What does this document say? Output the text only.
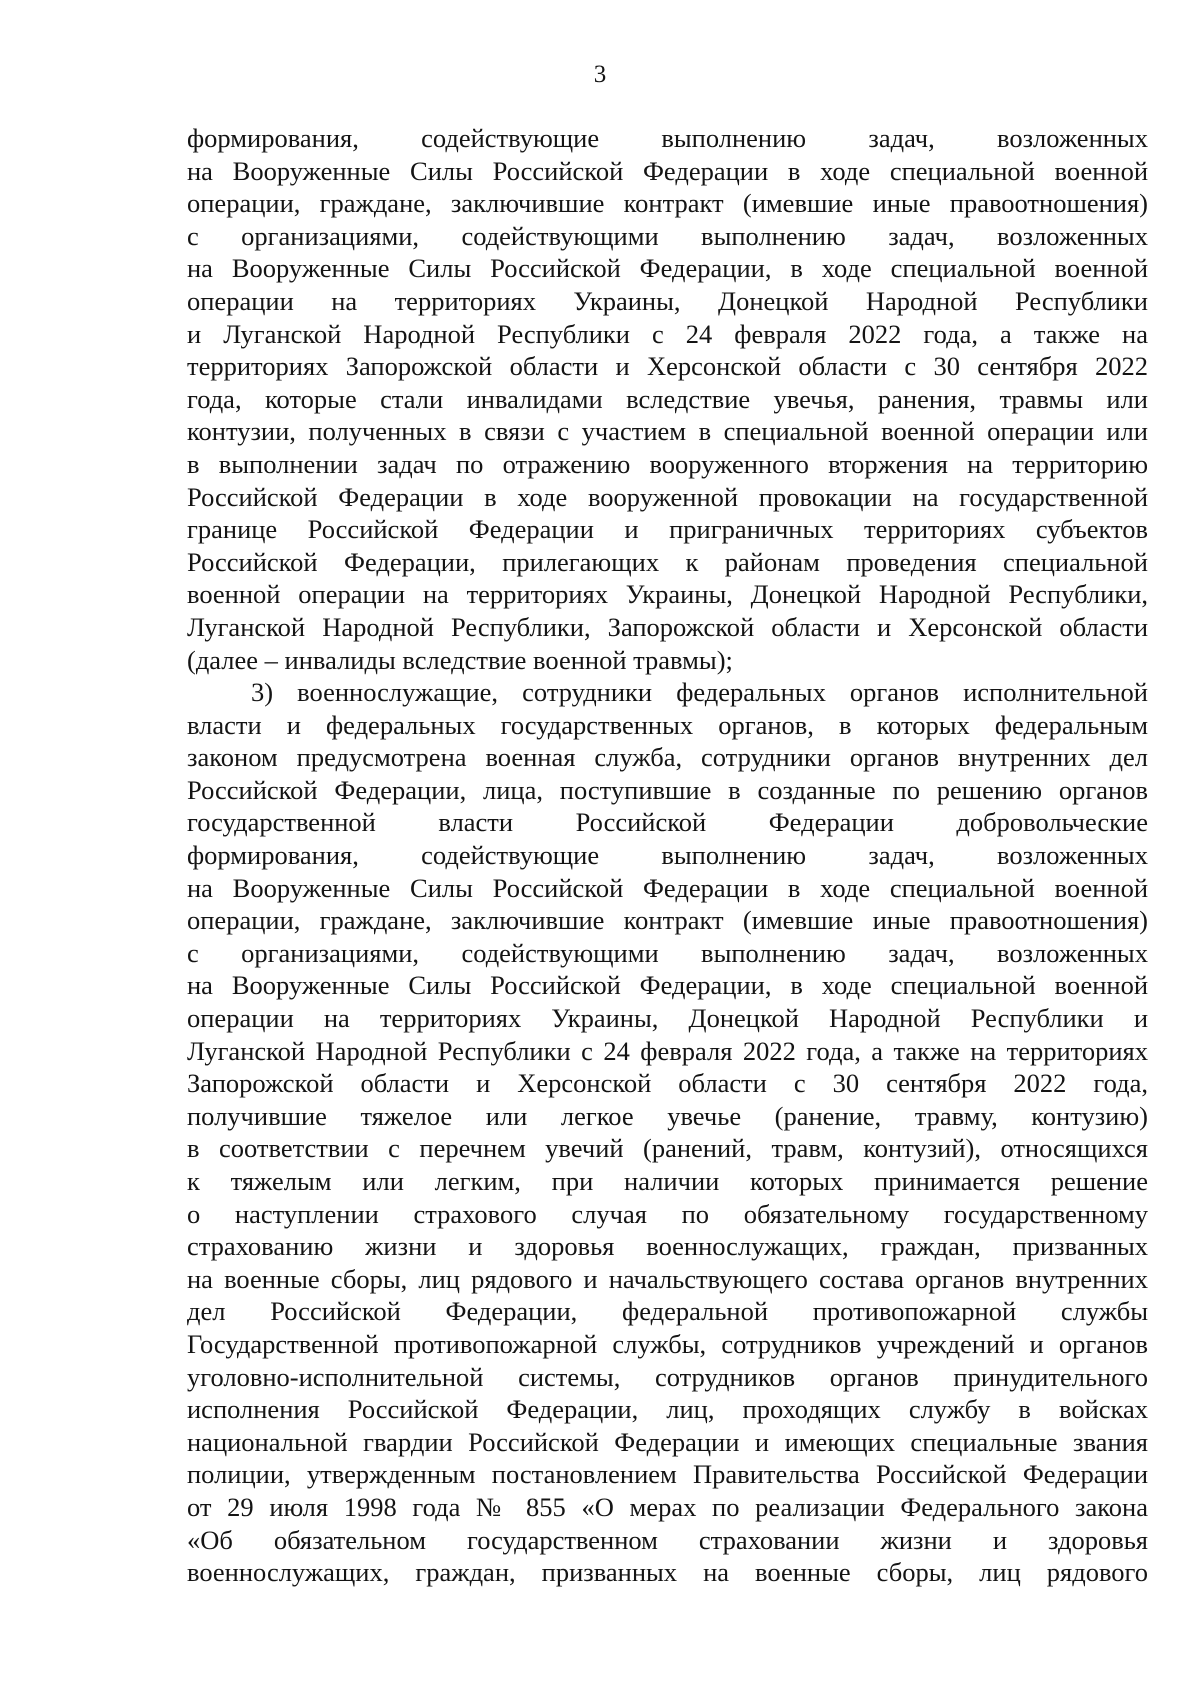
3
формирования, содействующие выполнению задач, возложенных
на Вооруженные Силы Российской Федерации в ходе специальной военной
операции, граждане, заключившие контракт (имевшие иные правоотношения)
с организациями, содействующими выполнению задач, возложенных
на Вооруженные Силы Российской Федерации, в ходе специальной военной
операции на территориях Украины, Донецкой Народной Республики
и Луганской Народной Республики с 24 февраля 2022 года, а также на
территориях Запорожской области и Херсонской области с 30 сентября 2022
года, которые стали инвалидами вследствие увечья, ранения, травмы или
контузии, полученных в связи с участием в специальной военной операции или
в выполнении задач по отражению вооруженного вторжения на территорию
Российской Федерации в ходе вооруженной провокации на государственной
границе Российской Федерации и приграничных территориях субъектов
Российской Федерации, прилегающих к районам проведения специальной
военной операции на территориях Украины, Донецкой Народной Республики,
Луганской Народной Республики, Запорожской области и Херсонской области
(далее – инвалиды вследствие военной травмы);
3) военнослужащие, сотрудники федеральных органов исполнительной
власти и федеральных государственных органов, в которых федеральным
законом предусмотрена военная служба, сотрудники органов внутренних дел
Российской Федерации, лица, поступившие в созданные по решению органов
государственной власти Российской Федерации добровольческие
формирования, содействующие выполнению задач, возложенных
на Вооруженные Силы Российской Федерации в ходе специальной военной
операции, граждане, заключившие контракт (имевшие иные правоотношения)
с организациями, содействующими выполнению задач, возложенных
на Вооруженные Силы Российской Федерации, в ходе специальной военной
операции на территориях Украины, Донецкой Народной Республики и
Луганской Народной Республики с 24 февраля 2022 года, а также на территориях
Запорожской области и Херсонской области с 30 сентября 2022 года,
получившие тяжелое или легкое увечье (ранение, травму, контузию)
в соответствии с перечнем увечий (ранений, травм, контузий), относящихся
к тяжелым или легким, при наличии которых принимается решение
о наступлении страхового случая по обязательному государственному
страхованию жизни и здоровья военнослужащих, граждан, призванных
на военные сборы, лиц рядового и начальствующего состава органов внутренних
дел Российской Федерации, федеральной противопожарной службы
Государственной противопожарной службы, сотрудников учреждений и органов
уголовно-исполнительной системы, сотрудников органов принудительного
исполнения Российской Федерации, лиц, проходящих службу в войсках
национальной гвардии Российской Федерации и имеющих специальные звания
полиции, утвержденным постановлением Правительства Российской Федерации
от 29 июля 1998 года № 855 «О мерах по реализации Федерального закона
«Об обязательном государственном страховании жизни и здоровья
военнослужащих, граждан, призванных на военные сборы, лиц рядового
